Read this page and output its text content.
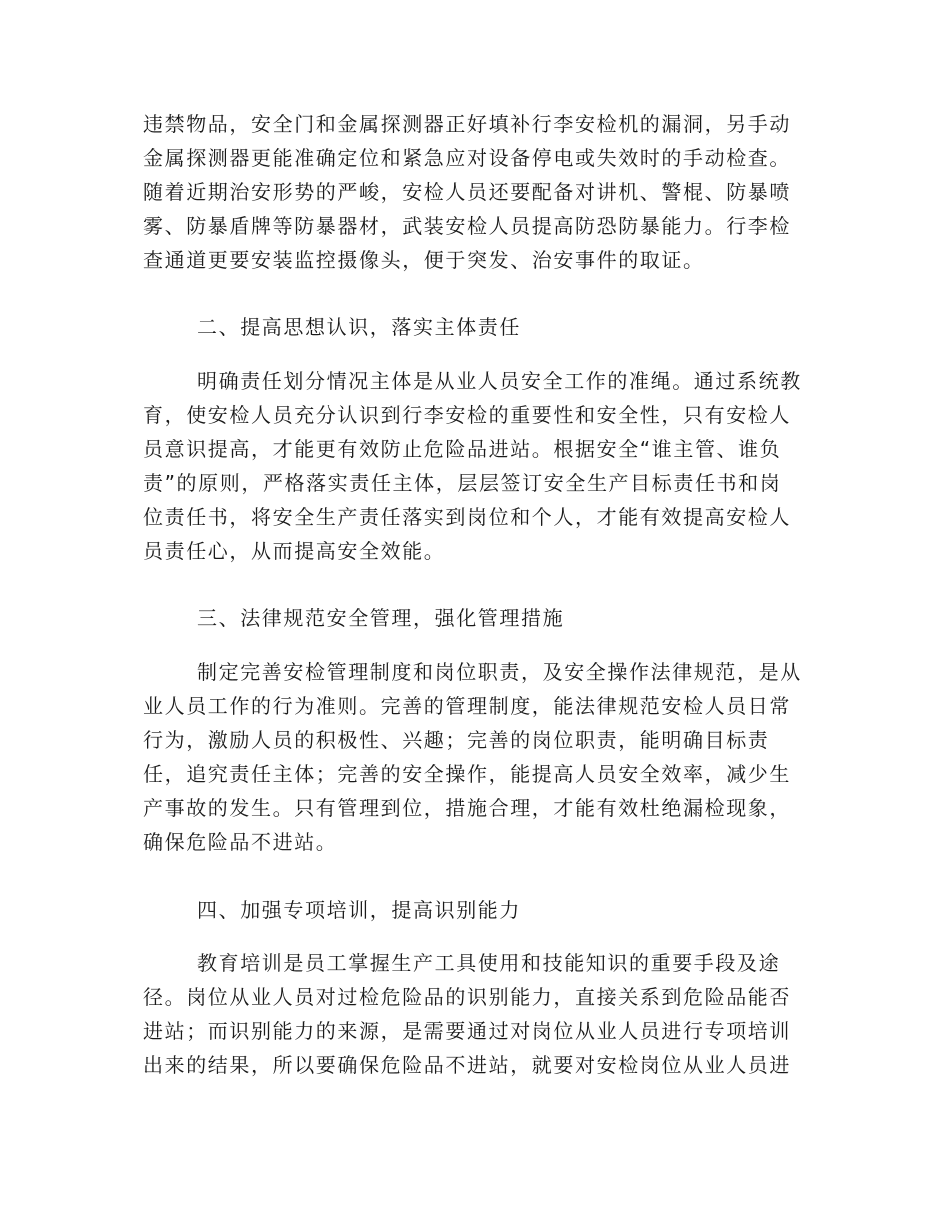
违禁物品，安全门和金属探测器正好填补行李安检机的漏洞，另手动
金属探测器更能准确定位和紧急应对设备停电或失效时的手动检查。
随着近期治安形势的严峻，安检人员还要配备对讲机、警棍、防暴喷
雾、防暴盾牌等防暴器材，武装安检人员提高防恐防暴能力。行李检
查通道更要安装监控摄像头，便于突发、治安事件的取证。
二、提高思想认识，落实主体责任
明确责任划分情况主体是从业人员安全工作的准绳。通过系统教
育，使安检人员充分认识到行李安检的重要性和安全性，只有安检人
员意识提高，才能更有效防止危险品进站。根据安全“谁主管、谁负
责”的原则，严格落实责任主体，层层签订安全生产目标责任书和岗
位责任书，将安全生产责任落实到岗位和个人，才能有效提高安检人
员责任心，从而提高安全效能。
三、法律规范安全管理，强化管理措施
制定完善安检管理制度和岗位职责，及安全操作法律规范，是从
业人员工作的行为准则。完善的管理制度，能法律规范安检人员日常
行为，激励人员的积极性、兴趣；完善的岗位职责，能明确目标责
任，追究责任主体；完善的安全操作，能提高人员安全效率，减少生
产事故的发生。只有管理到位，措施合理，才能有效杜绝漏检现象，
确保危险品不进站。
四、加强专项培训，提高识别能力
教育培训是员工掌握生产工具使用和技能知识的重要手段及途
径。岗位从业人员对过检危险品的识别能力，直接关系到危险品能否
进站；而识别能力的来源，是需要通过对岗位从业人员进行专项培训
出来的结果，所以要确保危险品不进站，就要对安检岗位从业人员进
